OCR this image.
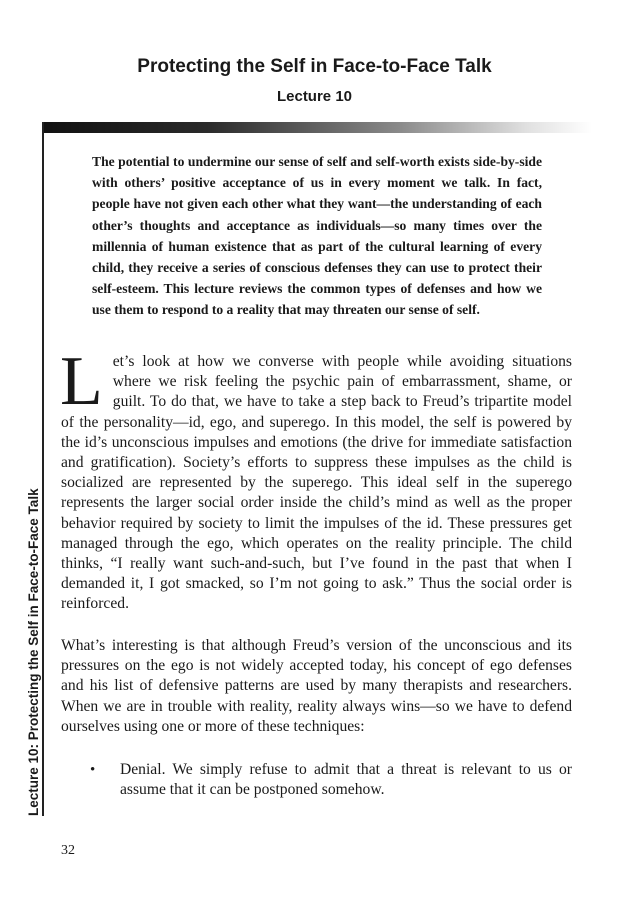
Protecting the Self in Face-to-Face Talk
Lecture 10
Lecture 10: Protecting the Self in Face-to-Face Talk

The potential to undermine our sense of self and self-worth exists side-by-side with others’ positive acceptance of us in every moment we talk. In fact, people have not given each other what they want—the understanding of each other’s thoughts and acceptance as individuals—so many times over the millennia of human existence that as part of the cultural learning of every child, they receive a series of conscious defenses they can use to protect their self-esteem. This lecture reviews the common types of defenses and how we use them to respond to a reality that may threaten our sense of self.

Let’s look at how we converse with people while avoiding situations where we risk feeling the psychic pain of embarrassment, shame, or guilt. To do that, we have to take a step back to Freud’s tripartite model of the personality—id, ego, and superego. In this model, the self is powered by the id’s unconscious impulses and emotions (the drive for immediate satisfaction and gratification). Society’s efforts to suppress these impulses as the child is socialized are represented by the superego. This ideal self in the superego represents the larger social order inside the child’s mind as well as the proper behavior required by society to limit the impulses of the id. These pressures get managed through the ego, which operates on the reality principle. The child thinks, “I really want such-and-such, but I’ve found in the past that when I demanded it, I got smacked, so I’m not going to ask.” Thus the social order is reinforced.

What’s interesting is that although Freud’s version of the unconscious and its pressures on the ego is not widely accepted today, his concept of ego defenses and his list of defensive patterns are used by many therapists and researchers. When we are in trouble with reality, reality always wins—so we have to defend ourselves using one or more of these techniques:

• Denial. We simply refuse to admit that a threat is relevant to us or assume that it can be postponed somehow.
32
